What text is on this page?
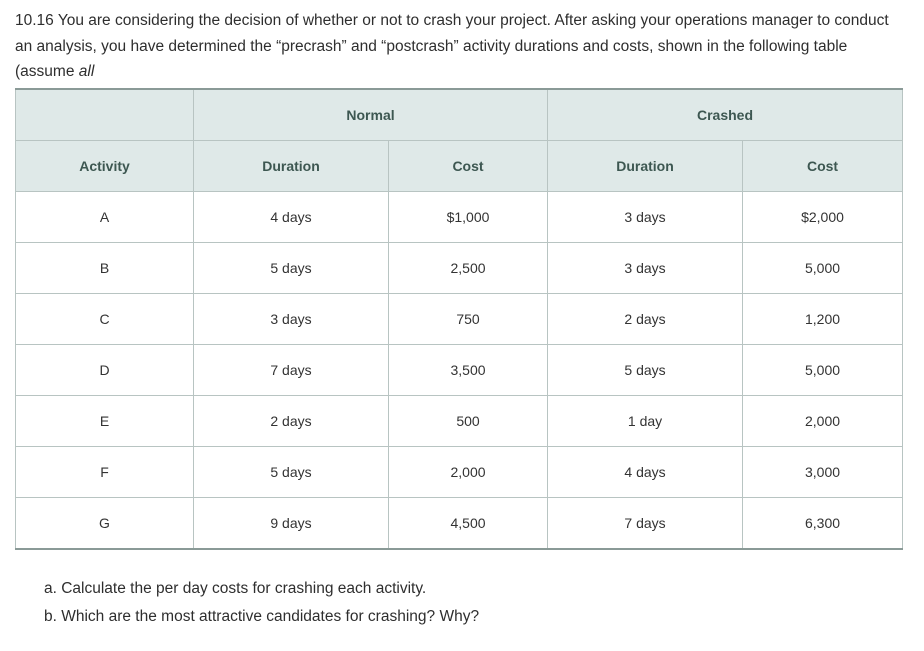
10.16 You are considering the decision of whether or not to crash your project. After asking your operations manager to conduct an analysis, you have determined the “precrash” and “postcrash” activity durations and costs, shown in the following table (assume all

	Normal		Crashed	
Activity	Duration	Cost	Duration	Cost
A	4 days	$1,000	3 days	$2,000
B	5 days	2,500	3 days	5,000
C	3 days	750	2 days	1,200
D	7 days	3,500	5 days	5,000
E	2 days	500	1 day	2,000
F	5 days	2,000	4 days	3,000
G	9 days	4,500	7 days	6,300
a. Calculate the per day costs for crashing each activity.
b. Which are the most attractive candidates for crashing? Why?
